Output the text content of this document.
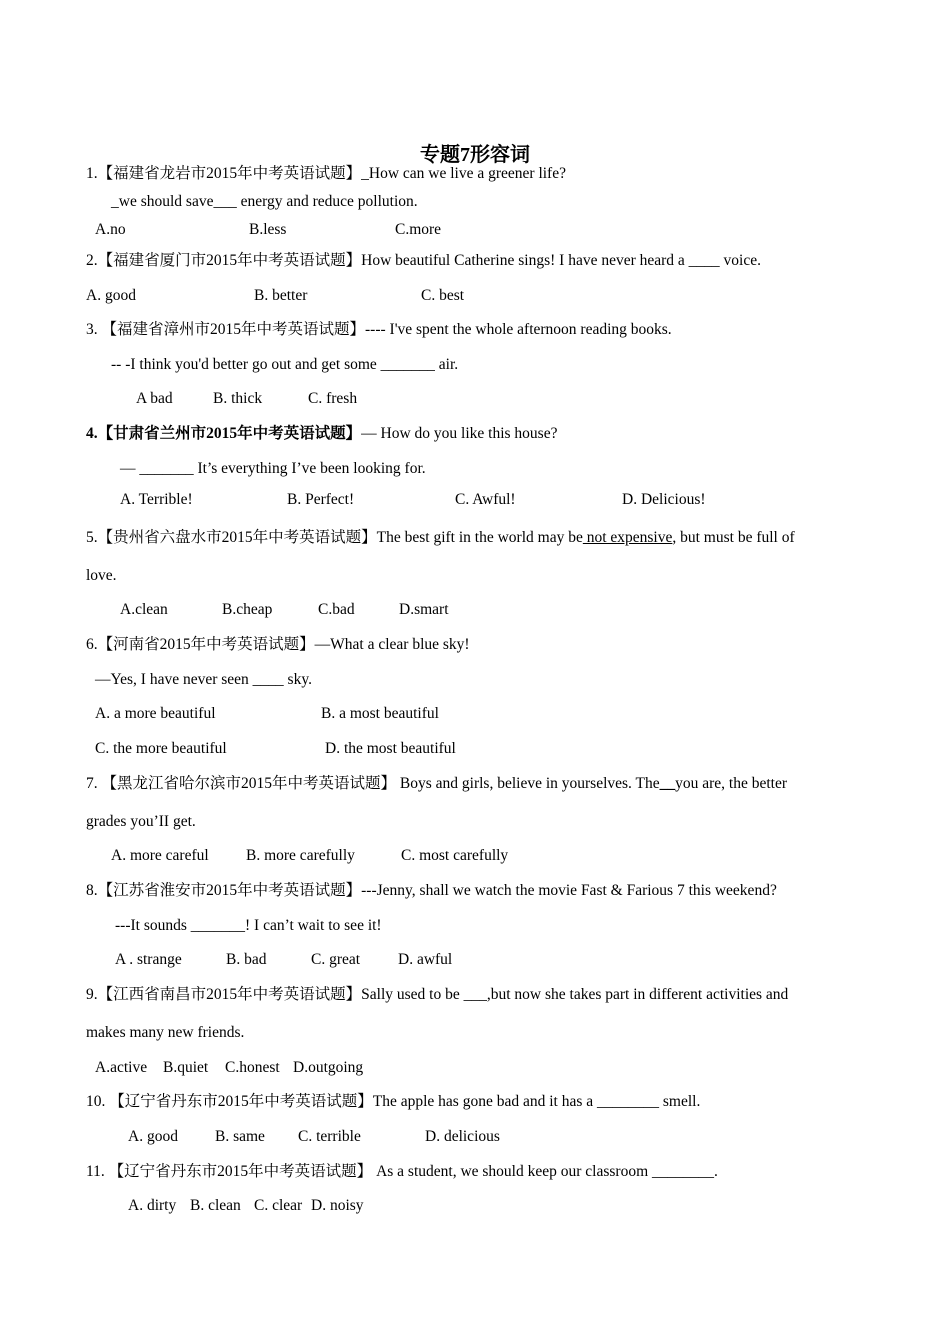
专题7形容词
1.【福建省龙岩市2015年中考英语试题】_How can we live a greener life?
_we should save___ energy and reduce pollution.
A.no	B.less	C.more
2.【福建省厦门市2015年中考英语试题】How beautiful Catherine sings! I have never heard a ____ voice.
A. good	B. better	C. best
3. 【福建省漳州市2015年中考英语试题】---- I've spent the whole afternoon reading books.
-- -I think you'd better go out and get some _______ air.
A bad	B. thick	C. fresh
4.【甘肃省兰州市2015年中考英语试题】— How do you like this house?
— _______ It’s everything I’ve been looking for.
A. Terrible!	B. Perfect!	C. Awful!	D. Delicious!
5.【贵州省六盘水市2015年中考英语试题】The best gift in the world may be not expensive, but must be full of
love.
A.clean	B.cheap	C.bad	D.smart
6.【河南省2015年中考英语试题】—What a clear blue sky!
—Yes, I have never seen ____ sky.
A. a more beautiful	B. a most beautiful
C. the more beautiful	D. the most beautiful
7. 【黑龙江省哈尔滨市2015年中考英语试题】 Boys and girls, believe in yourselves. The__you are, the better
grades you’II get.
A. more careful B. more carefully	C. most carefully
8.【江苏省淮安市2015年中考英语试题】---Jenny, shall we watch the movie Fast & Farious 7 this weekend?
---It sounds _______! I can’t wait to see it!
A . strange	B. bad	C. great D. awful
9.【江西省南昌市2015年中考英语试题】Sally used to be ___,but now she takes part in different activities and
makes many new friends.
A.active B.quiet C.honest D.outgoing
10. 【辽宁省丹东市2015年中考英语试题】The apple has gone bad and it has a ________ smell.
A. good B. same C. terrible	D. delicious
11. 【辽宁省丹东市2015年中考英语试题】 As a student, we should keep our classroom ________.
A. dirty B. clean C. clear D. noisy
